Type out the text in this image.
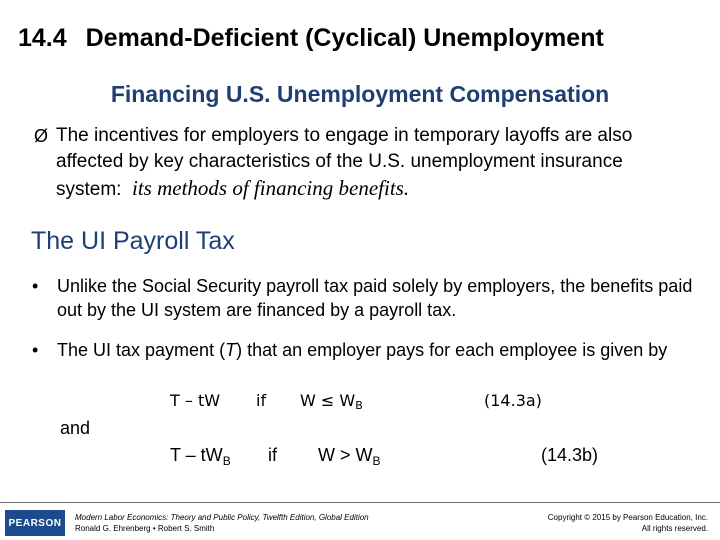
14.4 Demand-Deficient (Cyclical) Unemployment
Financing U.S. Unemployment Compensation
Ø The incentives for employers to engage in temporary layoffs are also affected by key characteristics of the U.S. unemployment insurance system: its methods of financing benefits.
The UI Payroll Tax
• Unlike the Social Security payroll tax paid solely by employers, the benefits paid out by the UI system are financed by a payroll tax.
• The UI tax payment (T) that an employer pays for each employee is given by
T – tW if $W \le W_B$	(14.3a)
and
T – $tW_B$ if $W > W_B$	(14.3b)
PEARSON	Modern Labor Economics: Theory and Public Policy, Twelfth Edition, Global Edition
Ronald G. Ehrenberg • Robert S. Smith
Copyright © 2015 by Pearson Education, Inc.
All rights reserved.
